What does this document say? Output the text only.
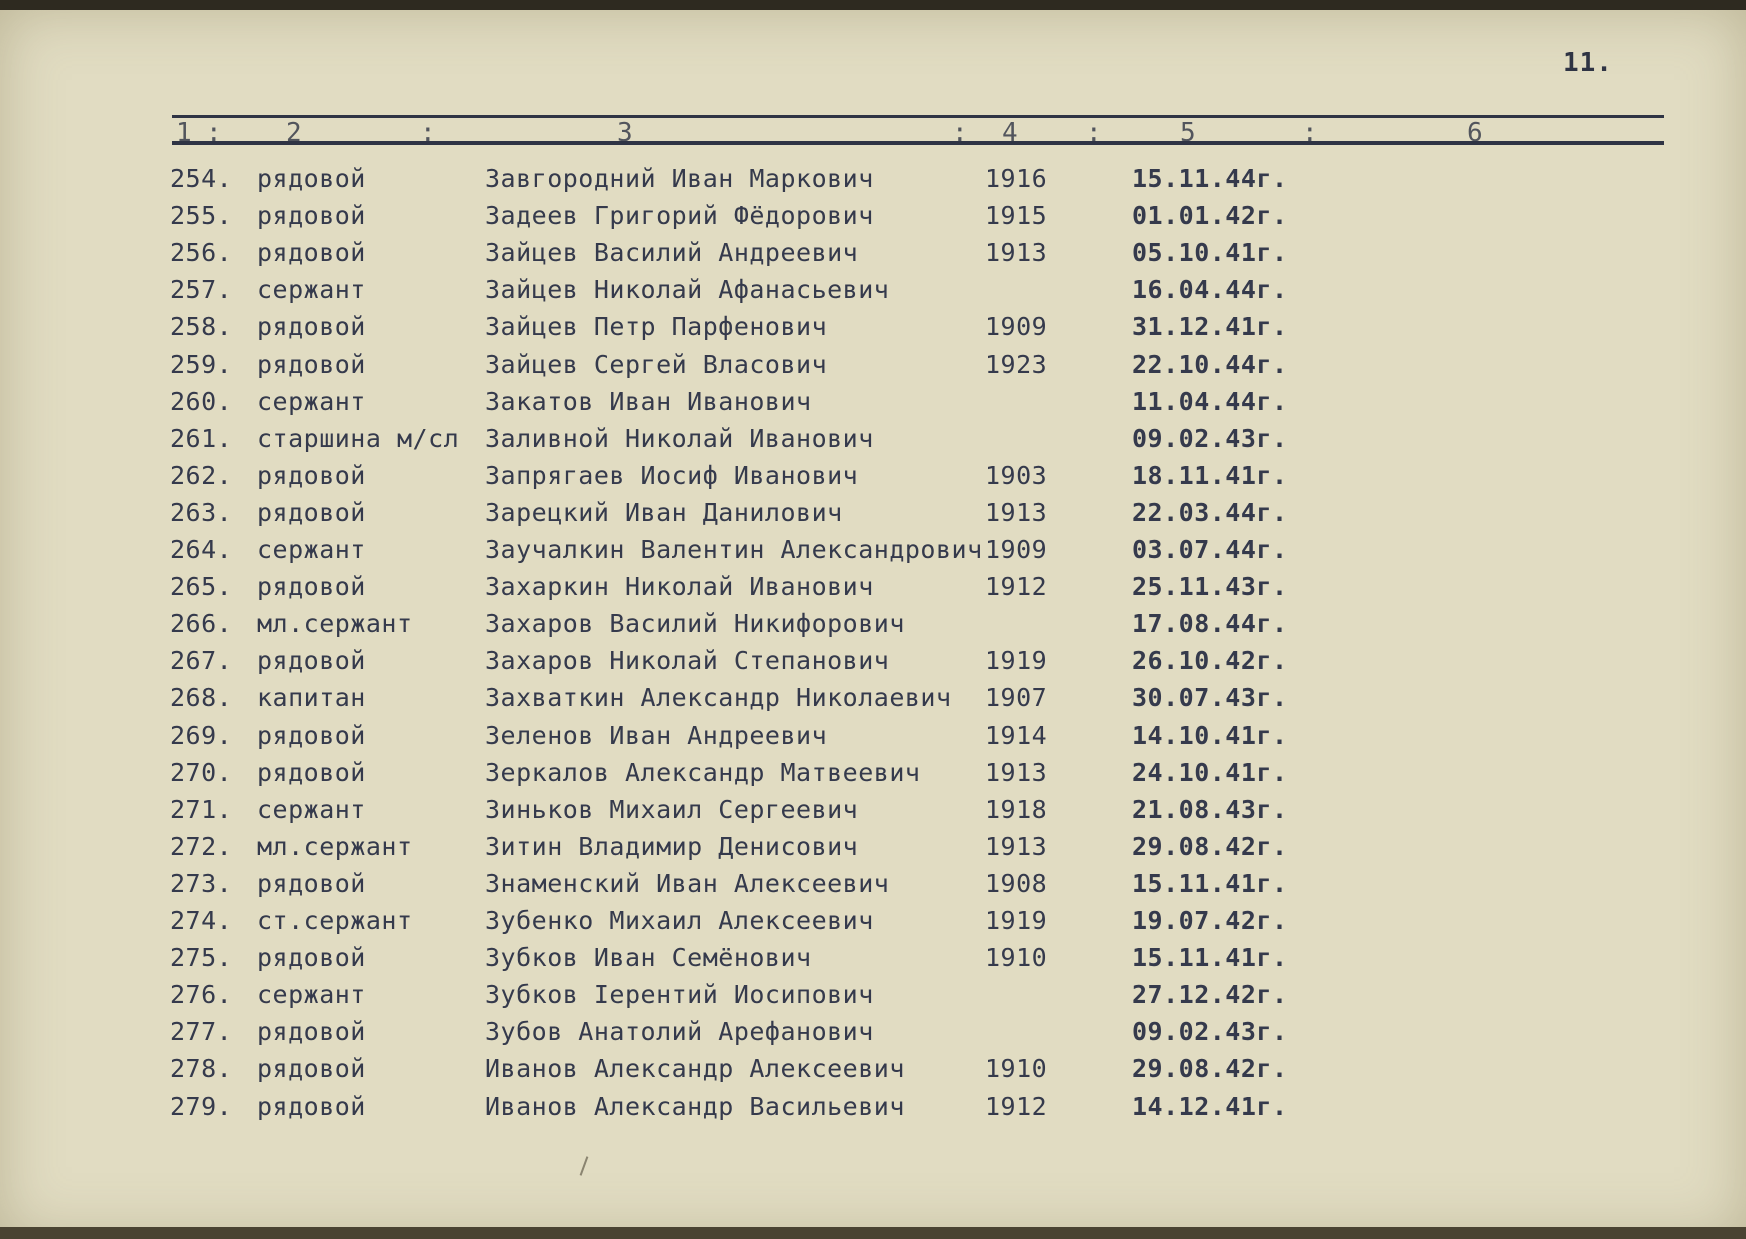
11.
1 : 2	:	3	: 4	:	5	:	6
254. рядовой	Завгородний Иван Маркович	1916	15.11.44г.
255. рядовой	Задеев Григорий Фёдорович	1915	01.01.42г.
256. рядовой	Зайцев Василий Андреевич	1913	05.10.41г.
257. сержант	Зайцев Николай Афанасьевич	16.04.44г.
258. рядовой	Зайцев Петр Парфенович	1909	31.12.41г.
259. рядовой	Зайцев Сергей Власович	1923	22.10.44г.
260. сержант	Закатов Иван Иванович	11.04.44г.
261. старшина м/сл Заливной Николай Иванович	09.02.43г.
262. рядовой	Запрягаев Иосиф Иванович	1903	18.11.41г.
263. рядовой	Зарецкий Иван Данилович	1913	22.03.44г.
264. сержант	Заучалкин Валентин Александрович 1909	03.07.44г.
265. рядовой	Захаркин Николай Иванович	1912	25.11.43г.
266. мл.сержант	Захаров Василий Никифорович	17.08.44г.
267. рядовой	Захаров Николай Степанович	1919	26.10.42г.
268. капитан	Захваткин Александр Николаевич 1907	30.07.43г.
269. рядовой	Зеленов Иван Андреевич	1914	14.10.41г.
270. рядовой	Зеркалов Александр Матвеевич	1913	24.10.41г.
271. сержант	Зиньков Михаил Сергеевич	1918	21.08.43г.
272. мл.сержант	Зитин Владимир Денисович	1913	29.08.42г.
273. рядовой	Знаменский Иван Алексеевич	1908	15.11.41г.
274. ст.сержант	Зубенко Михаил Алексеевич	1919	19.07.42г.
275. рядовой	Зубков Иван Семёнович	1910	15.11.41г.
276. сержант	Зубков Іерентий Иосипович	27.12.42г.
277. рядовой	Зубов Анатолий Арефанович	09.02.43г.
278. рядовой	Иванов Александр Алексеевич	1910	29.08.42г.
279. рядовой	Иванов Александр Васильевич	1912	14.12.41г.
